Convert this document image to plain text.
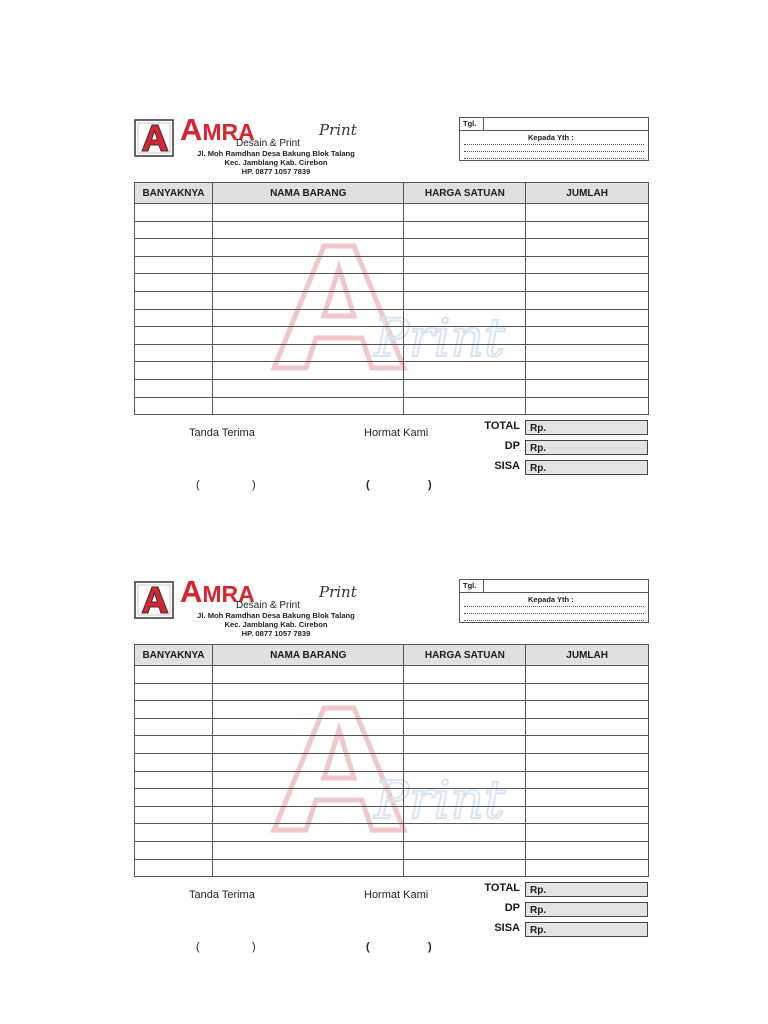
AMRA	Print
Desain & Print
Jl. Moh Ramdhan Desa Bakung Blok Talang
Kec. Jamblang Kab. Cirebon
HP. 0877 1057 7839
Tgl.
Kepada Yth :
Print
BANYAKNYA	NAMA BARANG	HARGA SATUAN	JUMLAH

Tanda Terima	Hormat Kami
(	)	(	)
TOTAL	Rp.
DP	Rp.
SISA	Rp.
AMRA	Print
Desain & Print
Jl. Moh Ramdhan Desa Bakung Blok Talang
Kec. Jamblang Kab. Cirebon
HP. 0877 1057 7839
Tgl.
Kepada Yth :
Print
BANYAKNYA	NAMA BARANG	HARGA SATUAN	JUMLAH

Tanda Terima	Hormat Kami
(	)	(	)
TOTAL	Rp.
DP	Rp.
SISA	Rp.
